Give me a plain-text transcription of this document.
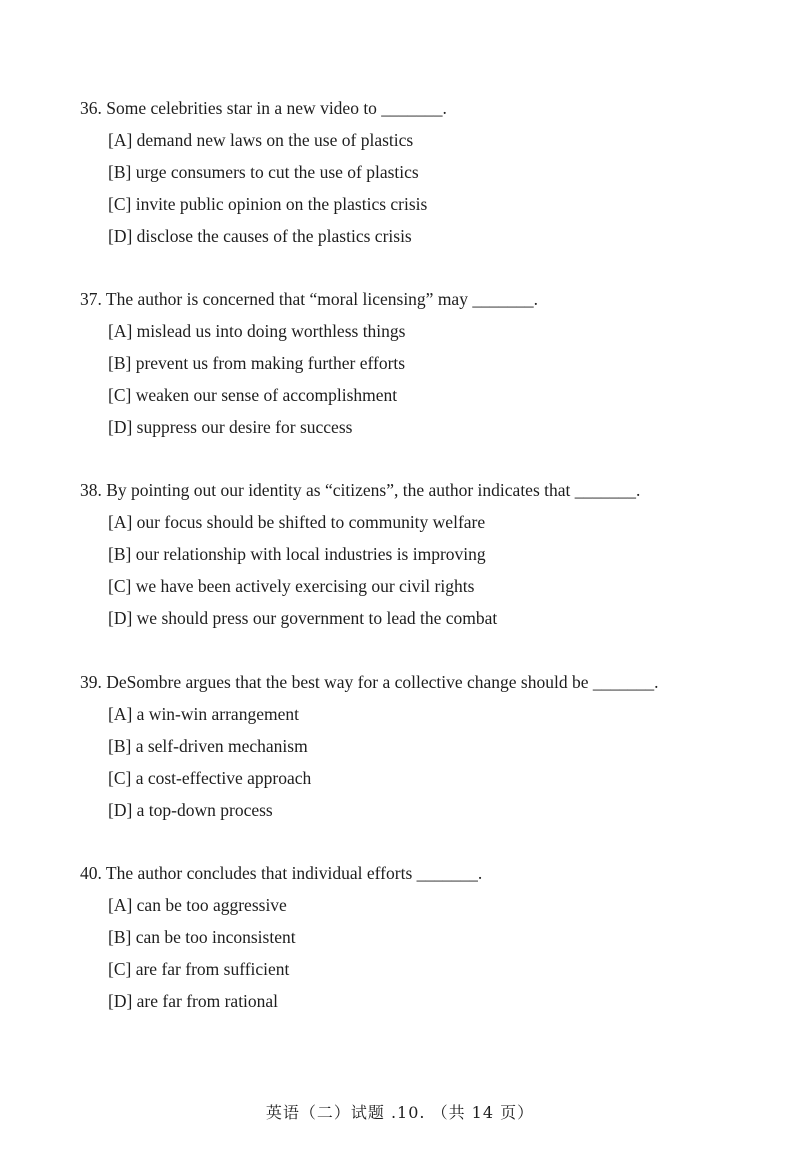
36. Some celebrities star in a new video to _______.
[A] demand new laws on the use of plastics
[B] urge consumers to cut the use of plastics
[C] invite public opinion on the plastics crisis
[D] disclose the causes of the plastics crisis
37. The author is concerned that “moral licensing” may _______.
[A] mislead us into doing worthless things
[B] prevent us from making further efforts
[C] weaken our sense of accomplishment
[D] suppress our desire for success
38. By pointing out our identity as “citizens”, the author indicates that _______.
[A] our focus should be shifted to community welfare
[B] our relationship with local industries is improving
[C] we have been actively exercising our civil rights
[D] we should press our government to lead the combat
39. DeSombre argues that the best way for a collective change should be _______.
[A] a win-win arrangement
[B] a self-driven mechanism
[C] a cost-effective approach
[D] a top-down process
40. The author concludes that individual efforts _______.
[A] can be too aggressive
[B] can be too inconsistent
[C] are far from sufficient
[D] are far from rational
英语（二）试题 .10. （共 14 页）
